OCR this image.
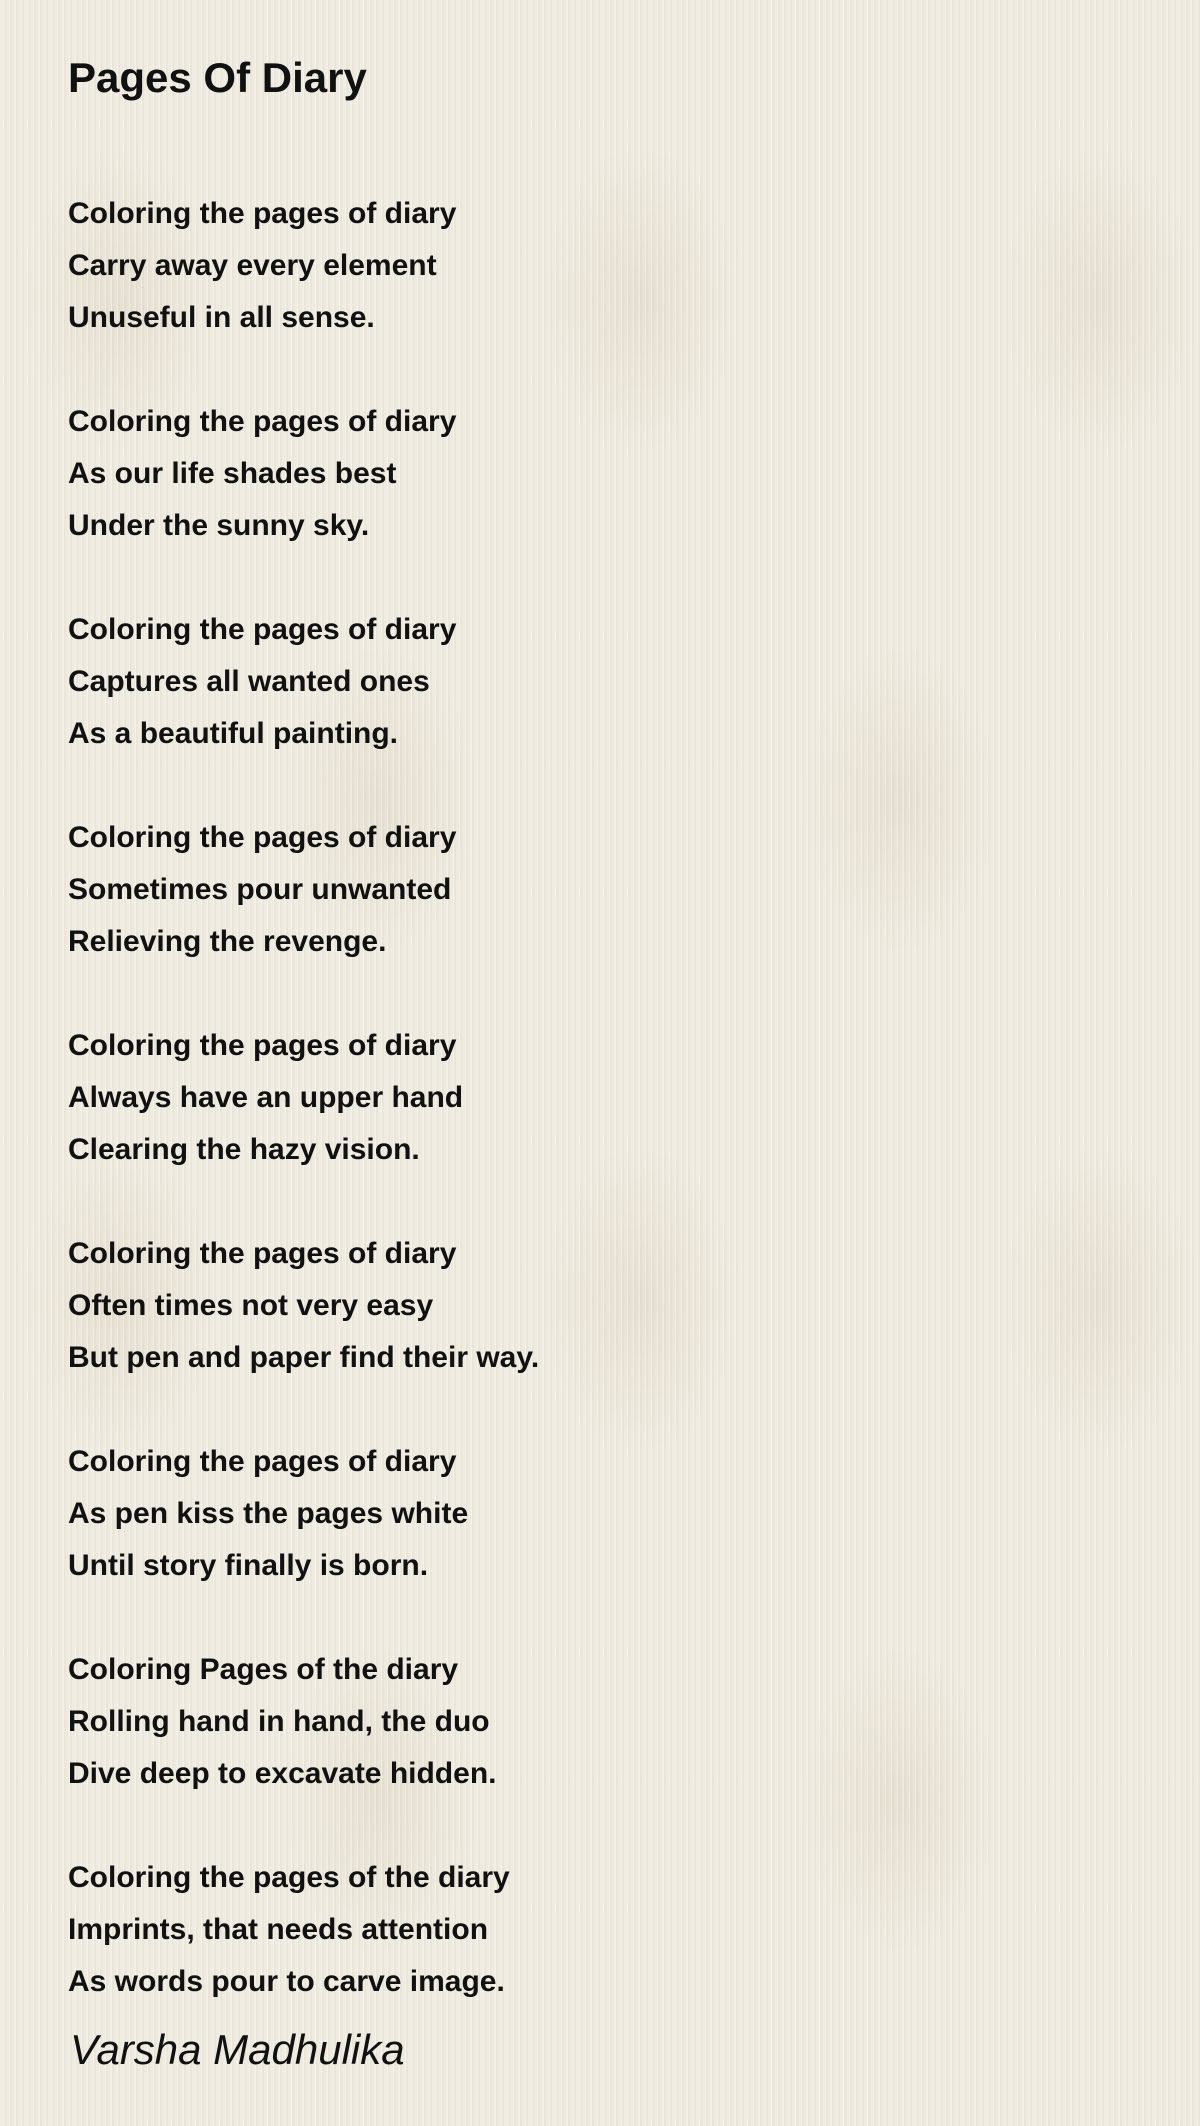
Pages Of Diary
Coloring the pages of diary
Carry away every element
Unuseful in all sense.
Coloring the pages of diary
As our life shades best
Under the sunny sky.
Coloring the pages of diary
Captures all wanted ones
As a beautiful painting.
Coloring the pages of diary
Sometimes pour unwanted
Relieving the revenge.
Coloring the pages of diary
Always have an upper hand
Clearing the hazy vision.
Coloring the pages of diary
Often times not very easy
But pen and paper find their way.
Coloring the pages of diary
As pen kiss the pages white
Until story finally is born.
Coloring Pages of the diary
Rolling hand in hand, the duo
Dive deep to excavate hidden.
Coloring the pages of the diary
Imprints, that needs attention
As words pour to carve image.
Varsha Madhulika
